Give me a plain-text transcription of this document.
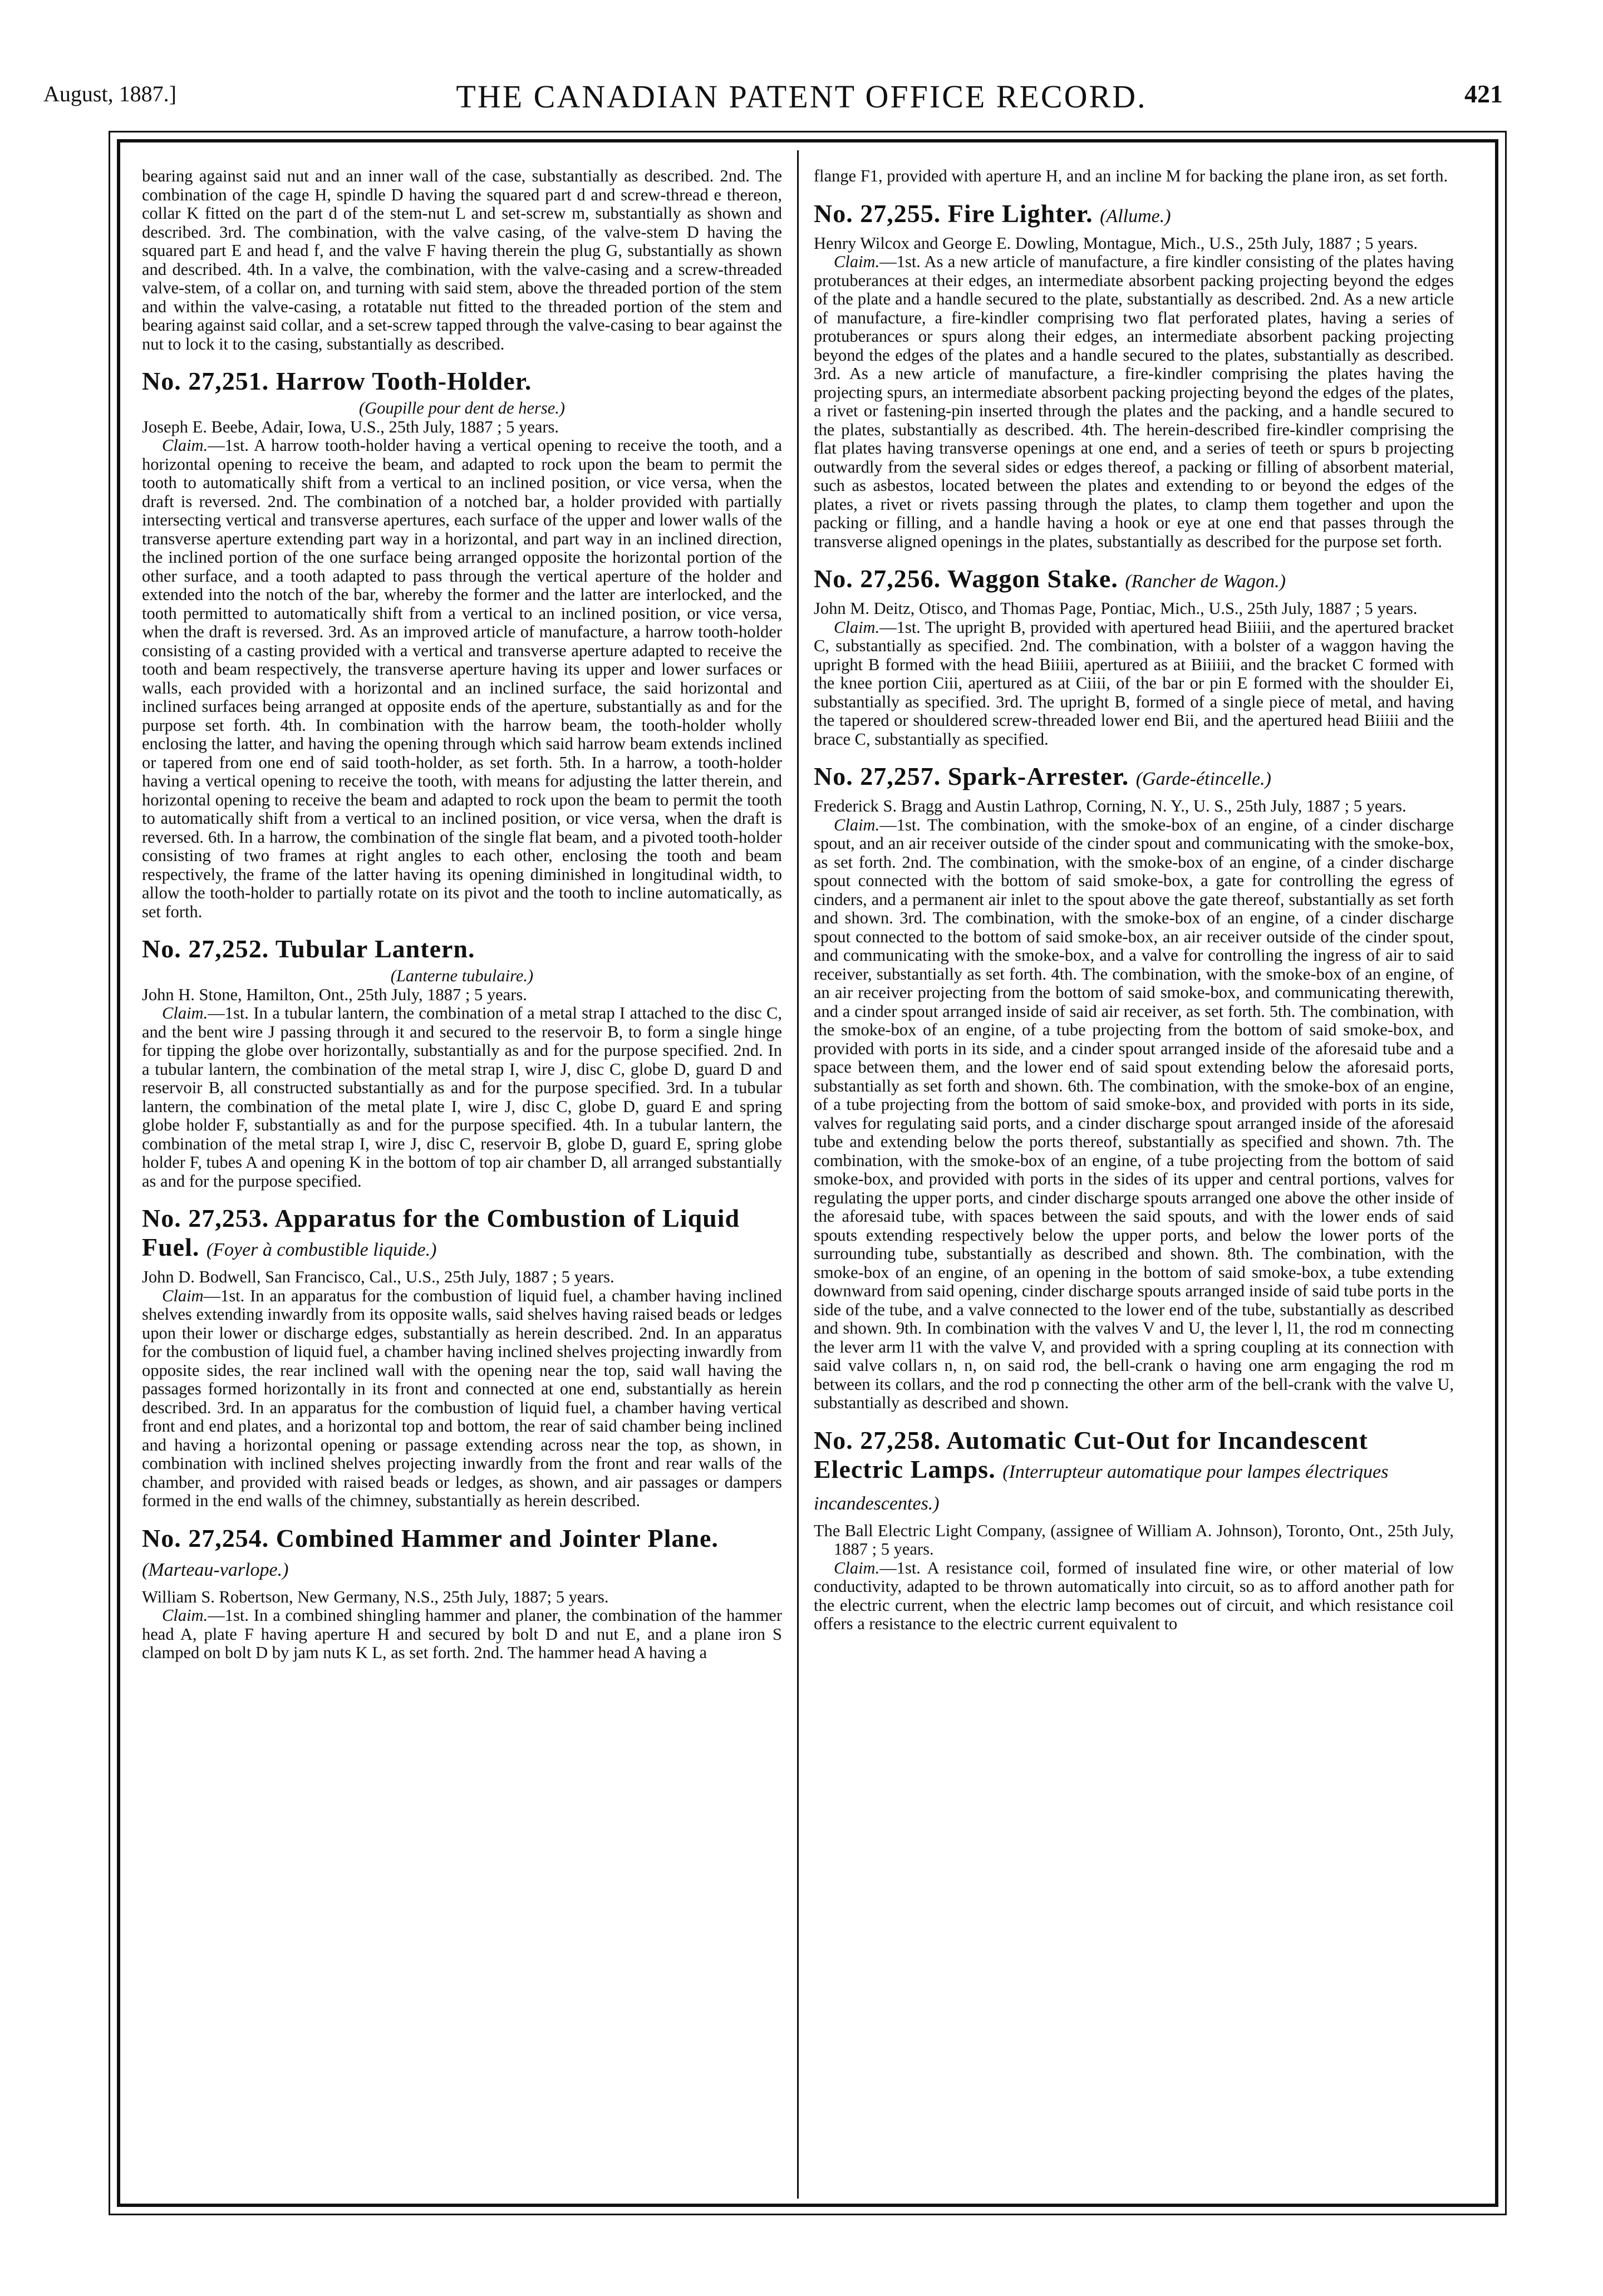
August, 1887.]	THE CANADIAN PATENT OFFICE RECORD.	421

bearing against said nut and an inner wall of the case, substantially as described. 2nd. The combination of the cage H, spindle D having the squared part d and screw-thread e thereon, collar K fitted on the part d of the stem-nut L and set-screw m, substantially as shown and described. 3rd. The combination, with the valve casing, of the valve-stem D having the squared part E and head f, and the valve F having therein the plug G, substantially as shown and described. 4th. In a valve, the combination, with the valve-casing and a screw-threaded valve-stem, of a collar on, and turning with said stem, above the threaded portion of the stem and within the valve-casing, a rotatable nut fitted to the threaded portion of the stem and bearing against said collar, and a set-screw tapped through the valve-casing to bear against the nut to lock it to the casing, substantially as described.

No. 27,251. Harrow Tooth-Holder.

(Goupille pour dent de herse.)

Joseph E. Beebe, Adair, Iowa, U.S., 25th July, 1887 ; 5 years.

Claim.—1st. A harrow tooth-holder having a vertical opening to receive the tooth, and a horizontal opening to receive the beam, and adapted to rock upon the beam to permit the tooth to automatically shift from a vertical to an inclined position, or vice versa, when the draft is reversed. 2nd. The combination of a notched bar, a holder provided with partially intersecting vertical and transverse apertures, each surface of the upper and lower walls of the transverse aperture extending part way in a horizontal, and part way in an inclined direction, the inclined portion of the one surface being arranged opposite the horizontal portion of the other surface, and a tooth adapted to pass through the vertical aperture of the holder and extended into the notch of the bar, whereby the former and the latter are interlocked, and the tooth permitted to automatically shift from a vertical to an inclined position, or vice versa, when the draft is reversed. 3rd. As an improved article of manufacture, a harrow tooth-holder consisting of a casting provided with a vertical and transverse aperture adapted to receive the tooth and beam respectively, the transverse aperture having its upper and lower surfaces or walls, each provided with a horizontal and an inclined surface, the said horizontal and inclined surfaces being arranged at opposite ends of the aperture, substantially as and for the purpose set forth. 4th. In combination with the harrow beam, the tooth-holder wholly enclosing the latter, and having the opening through which said harrow beam extends inclined or tapered from one end of said tooth-holder, as set forth. 5th. In a harrow, a tooth-holder having a vertical opening to receive the tooth, with means for adjusting the latter therein, and horizontal opening to receive the beam and adapted to rock upon the beam to permit the tooth to automatically shift from a vertical to an inclined position, or vice versa, when the draft is reversed. 6th. In a harrow, the combination of the single flat beam, and a pivoted tooth-holder consisting of two frames at right angles to each other, enclosing the tooth and beam respectively, the frame of the latter having its opening diminished in longitudinal width, to allow the tooth-holder to partially rotate on its pivot and the tooth to incline automatically, as set forth.

No. 27,252. Tubular Lantern.

(Lanterne tubulaire.)

John H. Stone, Hamilton, Ont., 25th July, 1887 ; 5 years.

Claim.—1st. In a tubular lantern, the combination of a metal strap I attached to the disc C, and the bent wire J passing through it and secured to the reservoir B, to form a single hinge for tipping the globe over horizontally, substantially as and for the purpose specified. 2nd. In a tubular lantern, the combination of the metal strap I, wire J, disc C, globe D, guard D and reservoir B, all constructed substantially as and for the purpose specified. 3rd. In a tubular lantern, the combination of the metal plate I, wire J, disc C, globe D, guard E and spring globe holder F, substantially as and for the purpose specified. 4th. In a tubular lantern, the combination of the metal strap I, wire J, disc C, reservoir B, globe D, guard E, spring globe holder F, tubes A and opening K in the bottom of top air chamber D, all arranged substantially as and for the purpose specified.

No. 27,253. Apparatus for the Combustion of Liquid Fuel. (Foyer à combustible liquide.)

John D. Bodwell, San Francisco, Cal., U.S., 25th July, 1887 ; 5 years.

Claim—1st. In an apparatus for the combustion of liquid fuel, a chamber having inclined shelves extending inwardly from its opposite walls, said shelves having raised beads or ledges upon their lower or discharge edges, substantially as herein described. 2nd. In an apparatus for the combustion of liquid fuel, a chamber having inclined shelves projecting inwardly from opposite sides, the rear inclined wall with the opening near the top, said wall having the passages formed horizontally in its front and connected at one end, substantially as herein described. 3rd. In an apparatus for the combustion of liquid fuel, a chamber having vertical front and end plates, and a horizontal top and bottom, the rear of said chamber being inclined and having a horizontal opening or passage extending across near the top, as shown, in combination with inclined shelves projecting inwardly from the front and rear walls of the chamber, and provided with raised beads or ledges, as shown, and air passages or dampers formed in the end walls of the chimney, substantially as herein described.

No. 27,254. Combined Hammer and Jointer Plane. (Marteau-varlope.)

William S. Robertson, New Germany, N.S., 25th July, 1887; 5 years.

Claim.—1st. In a combined shingling hammer and planer, the combination of the hammer head A, plate F having aperture H and secured by bolt D and nut E, and a plane iron S clamped on bolt D by jam nuts K L, as set forth. 2nd. The hammer head A having a

flange F1, provided with aperture H, and an incline M for backing the plane iron, as set forth.

No. 27,255. Fire Lighter. (Allume.)

Henry Wilcox and George E. Dowling, Montague, Mich., U.S., 25th July, 1887 ; 5 years.

Claim.—1st. As a new article of manufacture, a fire kindler consisting of the plates having protuberances at their edges, an intermediate absorbent packing projecting beyond the edges of the plate and a handle secured to the plate, substantially as described. 2nd. As a new article of manufacture, a fire-kindler comprising two flat perforated plates, having a series of protuberances or spurs along their edges, an intermediate absorbent packing projecting beyond the edges of the plates and a handle secured to the plates, substantially as described. 3rd. As a new article of manufacture, a fire-kindler comprising the plates having the projecting spurs, an intermediate absorbent packing projecting beyond the edges of the plates, a rivet or fastening-pin inserted through the plates and the packing, and a handle secured to the plates, substantially as described. 4th. The herein-described fire-kindler comprising the flat plates having transverse openings at one end, and a series of teeth or spurs b projecting outwardly from the several sides or edges thereof, a packing or filling of absorbent material, such as asbestos, located between the plates and extending to or beyond the edges of the plates, a rivet or rivets passing through the plates, to clamp them together and upon the packing or filling, and a handle having a hook or eye at one end that passes through the transverse aligned openings in the plates, substantially as described for the purpose set forth.

No. 27,256. Waggon Stake. (Rancher de Wagon.)

John M. Deitz, Otisco, and Thomas Page, Pontiac, Mich., U.S., 25th July, 1887 ; 5 years.

Claim.—1st. The upright B, provided with apertured head Biiiii, and the apertured bracket C, substantially as specified. 2nd. The combination, with a bolster of a waggon having the upright B formed with the head Biiiii, apertured as at Biiiiii, and the bracket C formed with the knee portion Ciii, apertured as at Ciiii, of the bar or pin E formed with the shoulder Ei, substantially as specified. 3rd. The upright B, formed of a single piece of metal, and having the tapered or shouldered screw-threaded lower end Bii, and the apertured head Biiiii and the brace C, substantially as specified.

No. 27,257. Spark-Arrester. (Garde-étincelle.)

Frederick S. Bragg and Austin Lathrop, Corning, N. Y., U. S., 25th July, 1887 ; 5 years.

Claim.—1st. The combination, with the smoke-box of an engine, of a cinder discharge spout, and an air receiver outside of the cinder spout and communicating with the smoke-box, as set forth. 2nd. The combination, with the smoke-box of an engine, of a cinder discharge spout connected with the bottom of said smoke-box, a gate for controlling the egress of cinders, and a permanent air inlet to the spout above the gate thereof, substantially as set forth and shown. 3rd. The combination, with the smoke-box of an engine, of a cinder discharge spout connected to the bottom of said smoke-box, an air receiver outside of the cinder spout, and communicating with the smoke-box, and a valve for controlling the ingress of air to said receiver, substantially as set forth. 4th. The combination, with the smoke-box of an engine, of an air receiver projecting from the bottom of said smoke-box, and communicating therewith, and a cinder spout arranged inside of said air receiver, as set forth. 5th. The combination, with the smoke-box of an engine, of a tube projecting from the bottom of said smoke-box, and provided with ports in its side, and a cinder spout arranged inside of the aforesaid tube and a space between them, and the lower end of said spout extending below the aforesaid ports, substantially as set forth and shown. 6th. The combination, with the smoke-box of an engine, of a tube projecting from the bottom of said smoke-box, and provided with ports in its side, valves for regulating said ports, and a cinder discharge spout arranged inside of the aforesaid tube and extending below the ports thereof, substantially as specified and shown. 7th. The combination, with the smoke-box of an engine, of a tube projecting from the bottom of said smoke-box, and provided with ports in the sides of its upper and central portions, valves for regulating the upper ports, and cinder discharge spouts arranged one above the other inside of the aforesaid tube, with spaces between the said spouts, and with the lower ends of said spouts extending respectively below the upper ports, and below the lower ports of the surrounding tube, substantially as described and shown. 8th. The combination, with the smoke-box of an engine, of an opening in the bottom of said smoke-box, a tube extending downward from said opening, cinder discharge spouts arranged inside of said tube ports in the side of the tube, and a valve connected to the lower end of the tube, substantially as described and shown. 9th. In combination with the valves V and U, the lever l, l1, the rod m connecting the lever arm l1 with the valve V, and provided with a spring coupling at its connection with said valve collars n, n, on said rod, the bell-crank o having one arm engaging the rod m between its collars, and the rod p connecting the other arm of the bell-crank with the valve U, substantially as described and shown.

No. 27,258. Automatic Cut-Out for Incandescent Electric Lamps. (Interrupteur automatique pour lampes électriques incandescentes.)

The Ball Electric Light Company, (assignee of William A. Johnson), Toronto, Ont., 25th July, 1887 ; 5 years.

Claim.—1st. A resistance coil, formed of insulated fine wire, or other material of low conductivity, adapted to be thrown automatically into circuit, so as to afford another path for the electric current, when the electric lamp becomes out of circuit, and which resistance coil offers a resistance to the electric current equivalent to
